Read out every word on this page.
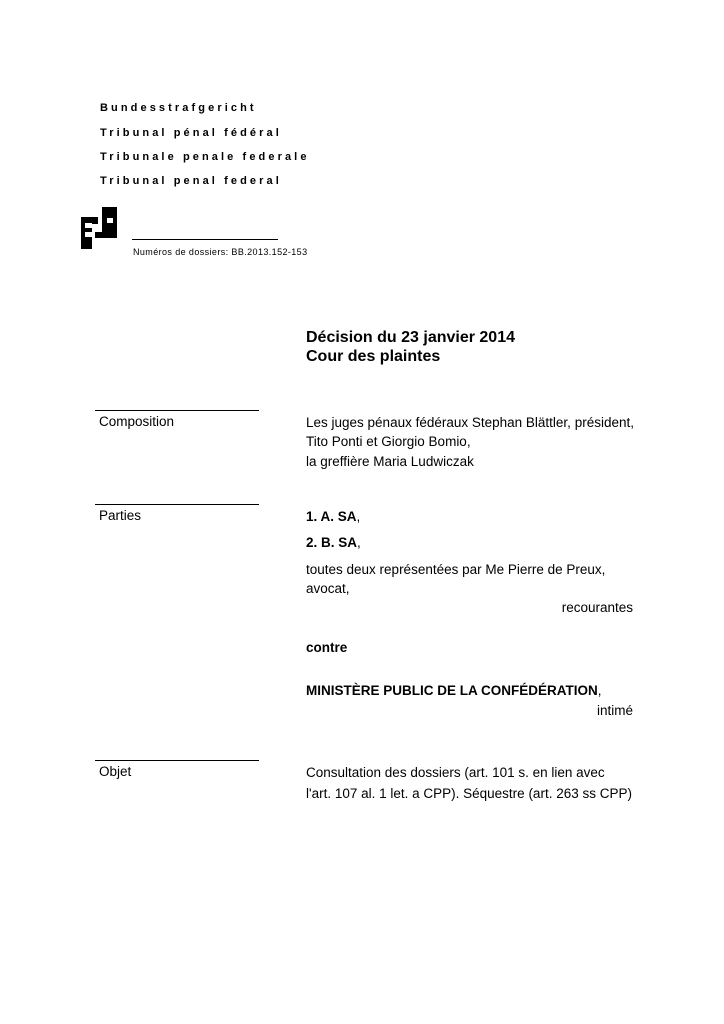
Bundesstrafgericht
Tribunal pénal fédéral
Tribunale penale federale
Tribunal penal federal
Numéros de dossiers: BB.2013.152-153
Décision du 23 janvier 2014
Cour des plaintes
Composition	Les juges pénaux fédéraux Stephan Blättler, président,
Tito Ponti et Giorgio Bomio,
la greffière Maria Ludwiczak
Parties	1. A. SA,
2. B. SA,
toutes deux représentées par Me Pierre de Preux,
avocat,
recourantes
contre
MINISTÈRE PUBLIC DE LA CONFÉDÉRATION,
intimé
Objet	Consultation des dossiers (art. 101 s. en lien avec
l'art. 107 al. 1 let. a CPP). Séquestre (art. 263 ss CPP)
